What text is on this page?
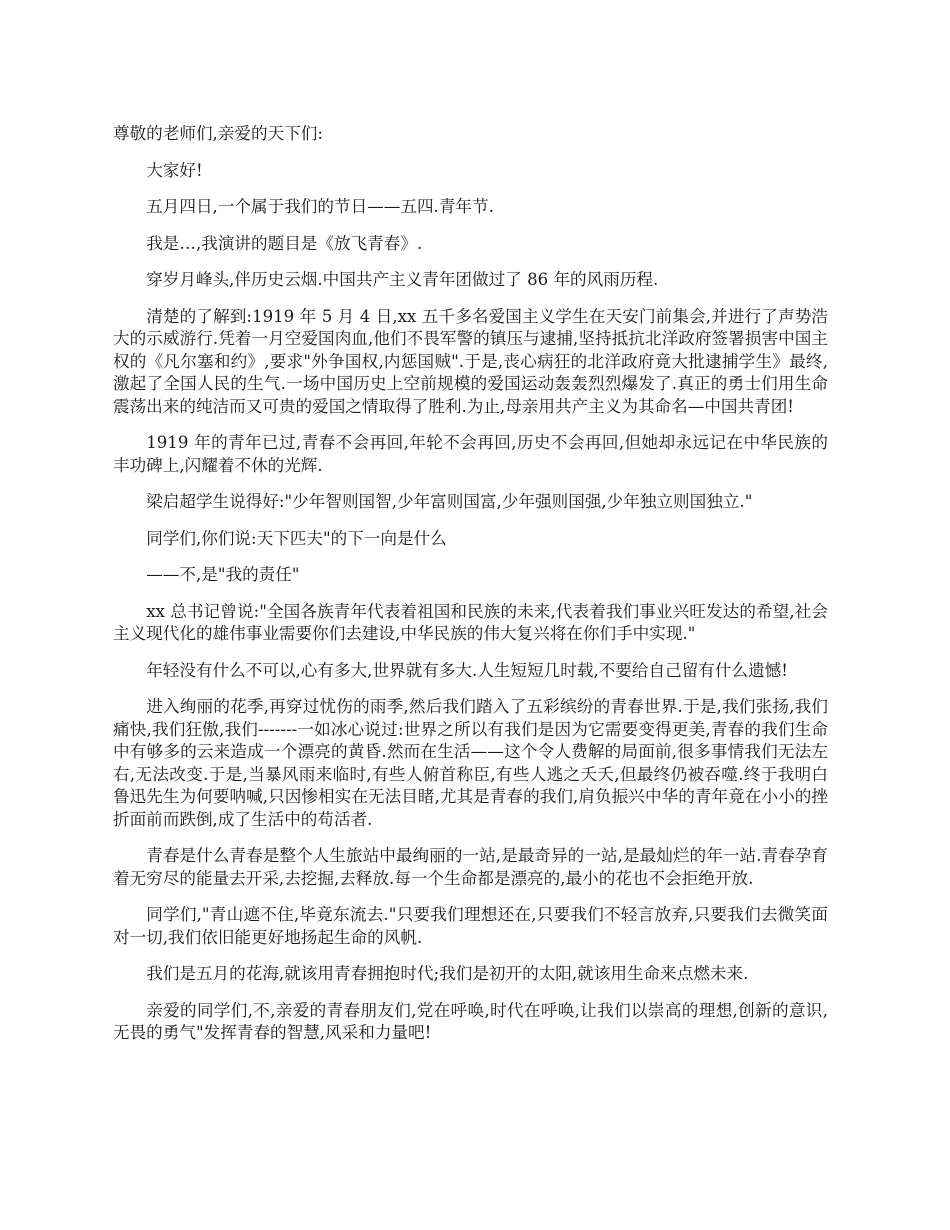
尊敬的老师们,亲爱的天下们:

大家好!

五月四日,一个属于我们的节日——五四.青年节.

我是…,我演讲的题目是《放飞青春》.

穿岁月峰头,伴历史云烟.中国共产主义青年团做过了 86 年的风雨历程.

清楚的了解到:1919 年 5 月 4 日,xx 五千多名爱国主义学生在天安门前集会,并进行了声势浩大的示威游行.凭着一月空爱国肉血,他们不畏军警的镇压与逮捕,坚持抵抗北洋政府签署损害中国主权的《凡尔塞和约》,要求"外争国权,内惩国贼".于是,丧心病狂的北洋政府竟大批逮捕学生》最终,激起了全国人民的生气.一场中国历史上空前规模的爱国运动轰轰烈烈爆发了.真正的勇士们用生命震荡出来的纯洁而又可贵的爱国之情取得了胜利.为止,母亲用共产主义为其命名—中国共青团!

1919 年的青年已过,青春不会再回,年轮不会再回,历史不会再回,但她却永远记在中华民族的丰功碑上,闪耀着不休的光辉.

梁启超学生说得好:"少年智则国智,少年富则国富,少年强则国强,少年独立则国独立."

同学们,你们说:天下匹夫"的下一向是什么

——不,是"我的责任"

xx 总书记曾说:"全国各族青年代表着祖国和民族的未来,代表着我们事业兴旺发达的希望,社会主义现代化的雄伟事业需要你们去建设,中华民族的伟大复兴将在你们手中实现."

年轻没有什么不可以,心有多大,世界就有多大.人生短短几时载,不要给自己留有什么遗憾!

进入绚丽的花季,再穿过忧伤的雨季,然后我们踏入了五彩缤纷的青春世界.于是,我们张扬,我们痛快,我们狂傲,我们-------一如冰心说过:世界之所以有我们是因为它需要变得更美,青春的我们生命中有够多的云来造成一个漂亮的黄昏.然而在生活——这个令人费解的局面前,很多事情我们无法左右,无法改变.于是,当暴风雨来临时,有些人俯首称臣,有些人逃之夭夭,但最终仍被吞噬.终于我明白鲁迅先生为何要呐喊,只因惨相实在无法目睹,尤其是青春的我们,肩负振兴中华的青年竟在小小的挫折面前而跌倒,成了生活中的苟活者.

青春是什么青春是整个人生旅站中最绚丽的一站,是最奇异的一站,是最灿烂的年一站.青春孕育着无穷尽的能量去开采,去挖掘,去释放.每一个生命都是漂亮的,最小的花也不会拒绝开放.

同学们,"青山遮不住,毕竟东流去."只要我们理想还在,只要我们不轻言放弃,只要我们去微笑面对一切,我们依旧能更好地扬起生命的风帆.

我们是五月的花海,就该用青春拥抱时代;我们是初开的太阳,就该用生命来点燃未来.

亲爱的同学们,不,亲爱的青春朋友们,党在呼唤,时代在呼唤,让我们以崇高的理想,创新的意识,无畏的勇气"发挥青春的智慧,风采和力量吧!
